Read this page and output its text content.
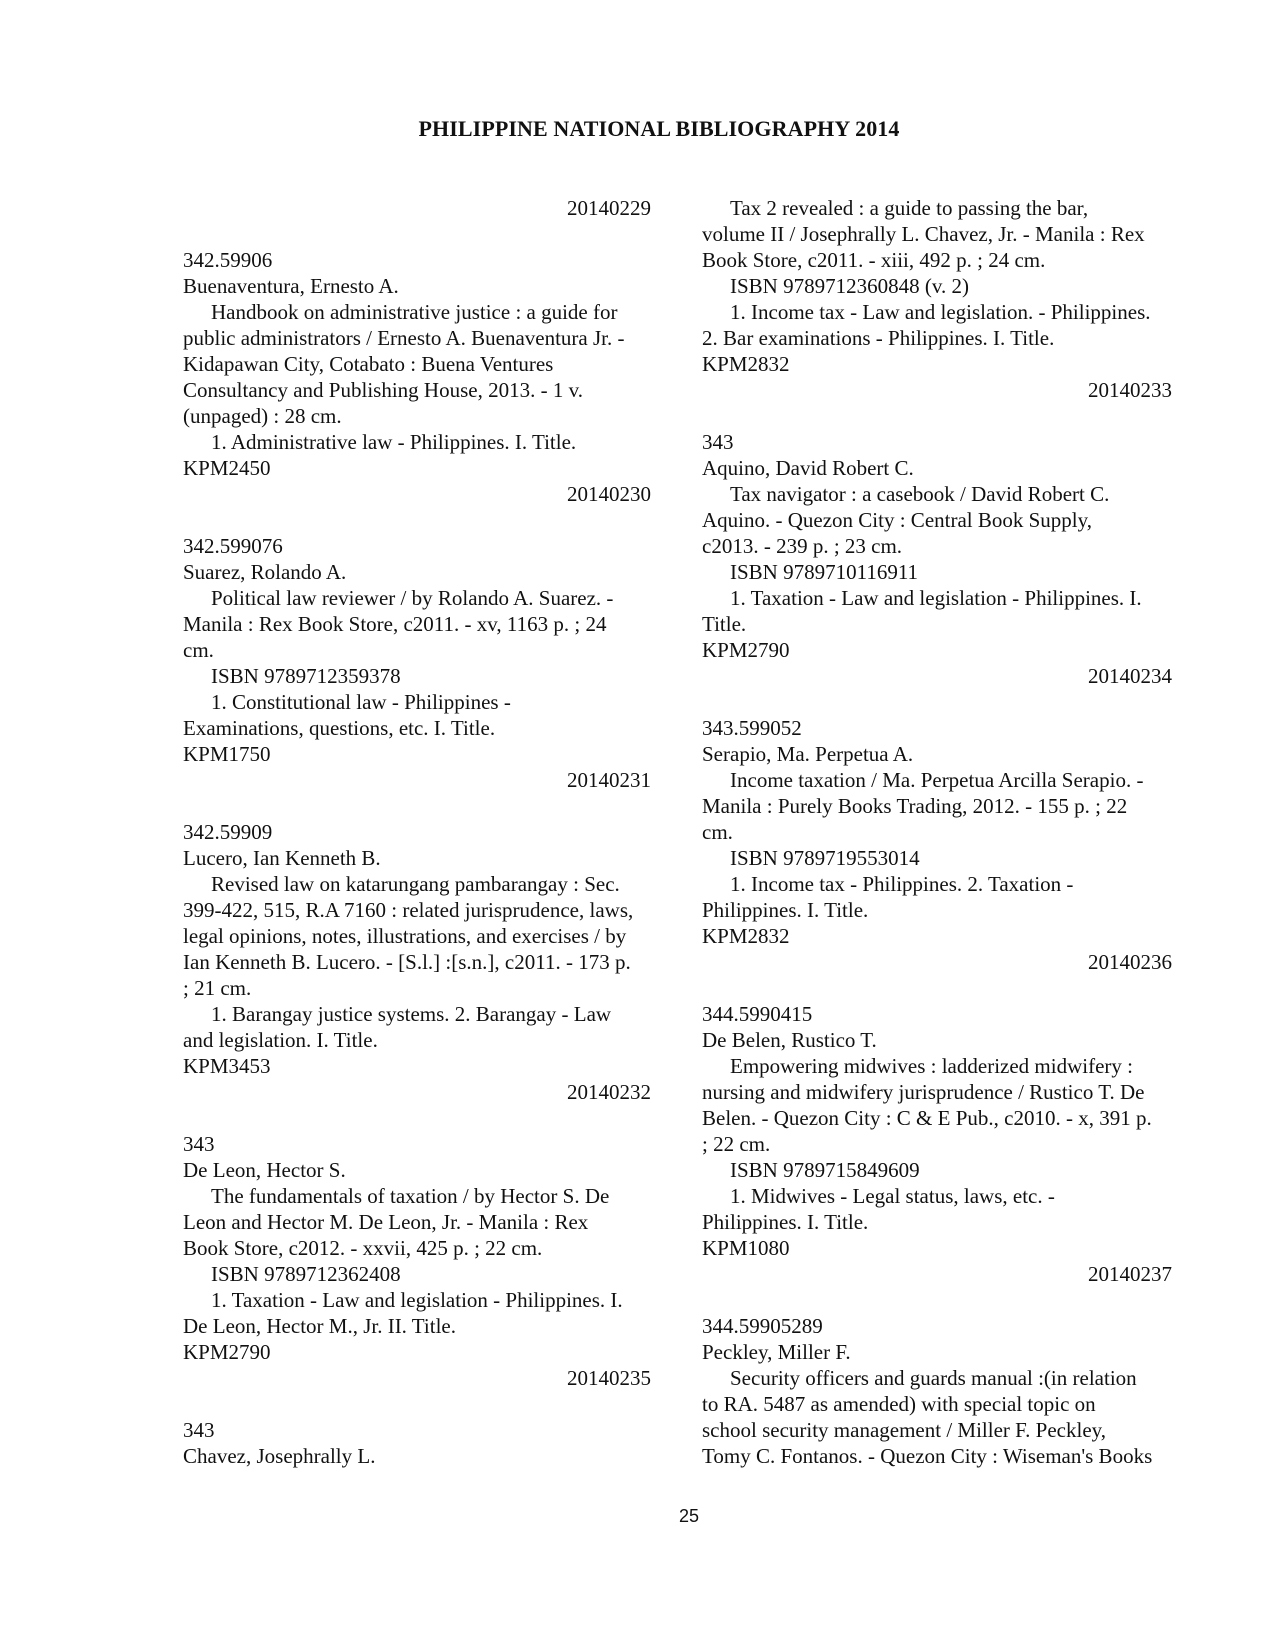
PHILIPPINE NATIONAL BIBLIOGRAPHY 2014
20140229
342.59906
Buenaventura, Ernesto A.
Handbook on administrative justice : a guide for
public administrators / Ernesto A. Buenaventura Jr. -
Kidapawan City, Cotabato : Buena Ventures
Consultancy and Publishing House, 2013. - 1 v.
(unpaged) : 28 cm.
1. Administrative law - Philippines. I. Title.
KPM2450
20140230
342.599076
Suarez, Rolando A.
Political law reviewer / by Rolando A. Suarez. -
Manila : Rex Book Store, c2011. - xv, 1163 p. ; 24
cm.
ISBN 9789712359378
1. Constitutional law - Philippines -
Examinations, questions, etc. I. Title.
KPM1750
20140231
342.59909
Lucero, Ian Kenneth B.
Revised law on katarungang pambarangay : Sec.
399-422, 515, R.A 7160 : related jurisprudence, laws,
legal opinions, notes, illustrations, and exercises / by
Ian Kenneth B. Lucero. - [S.l.] :[s.n.], c2011. - 173 p.
; 21 cm.
1. Barangay justice systems. 2. Barangay - Law
and legislation. I. Title.
KPM3453
20140232
343
De Leon, Hector S.
The fundamentals of taxation / by Hector S. De
Leon and Hector M. De Leon, Jr. - Manila : Rex
Book Store, c2012. - xxvii, 425 p. ; 22 cm.
ISBN 9789712362408
1. Taxation - Law and legislation - Philippines. I.
De Leon, Hector M., Jr. II. Title.
KPM2790
20140235
343
Chavez, Josephrally L.
Tax 2 revealed : a guide to passing the bar,
volume II / Josephrally L. Chavez, Jr. - Manila : Rex
Book Store, c2011. - xiii, 492 p. ; 24 cm.
ISBN 9789712360848 (v. 2)
1. Income tax - Law and legislation. - Philippines.
2. Bar examinations - Philippines. I. Title.
KPM2832
20140233
343
Aquino, David Robert C.
Tax navigator : a casebook / David Robert C.
Aquino. - Quezon City : Central Book Supply,
c2013. - 239 p. ; 23 cm.
ISBN 9789710116911
1. Taxation - Law and legislation - Philippines. I.
Title.
KPM2790
20140234
343.599052
Serapio, Ma. Perpetua A.
Income taxation / Ma. Perpetua Arcilla Serapio. -
Manila : Purely Books Trading, 2012. - 155 p. ; 22
cm.
ISBN 9789719553014
1. Income tax - Philippines. 2. Taxation -
Philippines. I. Title.
KPM2832
20140236
344.5990415
De Belen, Rustico T.
Empowering midwives : ladderized midwifery :
nursing and midwifery jurisprudence / Rustico T. De
Belen. - Quezon City : C & E Pub., c2010. - x, 391 p.
; 22 cm.
ISBN 9789715849609
1. Midwives - Legal status, laws, etc. -
Philippines. I. Title.
KPM1080
20140237
344.59905289
Peckley, Miller F.
Security officers and guards manual :(in relation
to RA. 5487 as amended) with special topic on
school security management / Miller F. Peckley,
Tomy C. Fontanos. - Quezon City : Wiseman's Books
25
